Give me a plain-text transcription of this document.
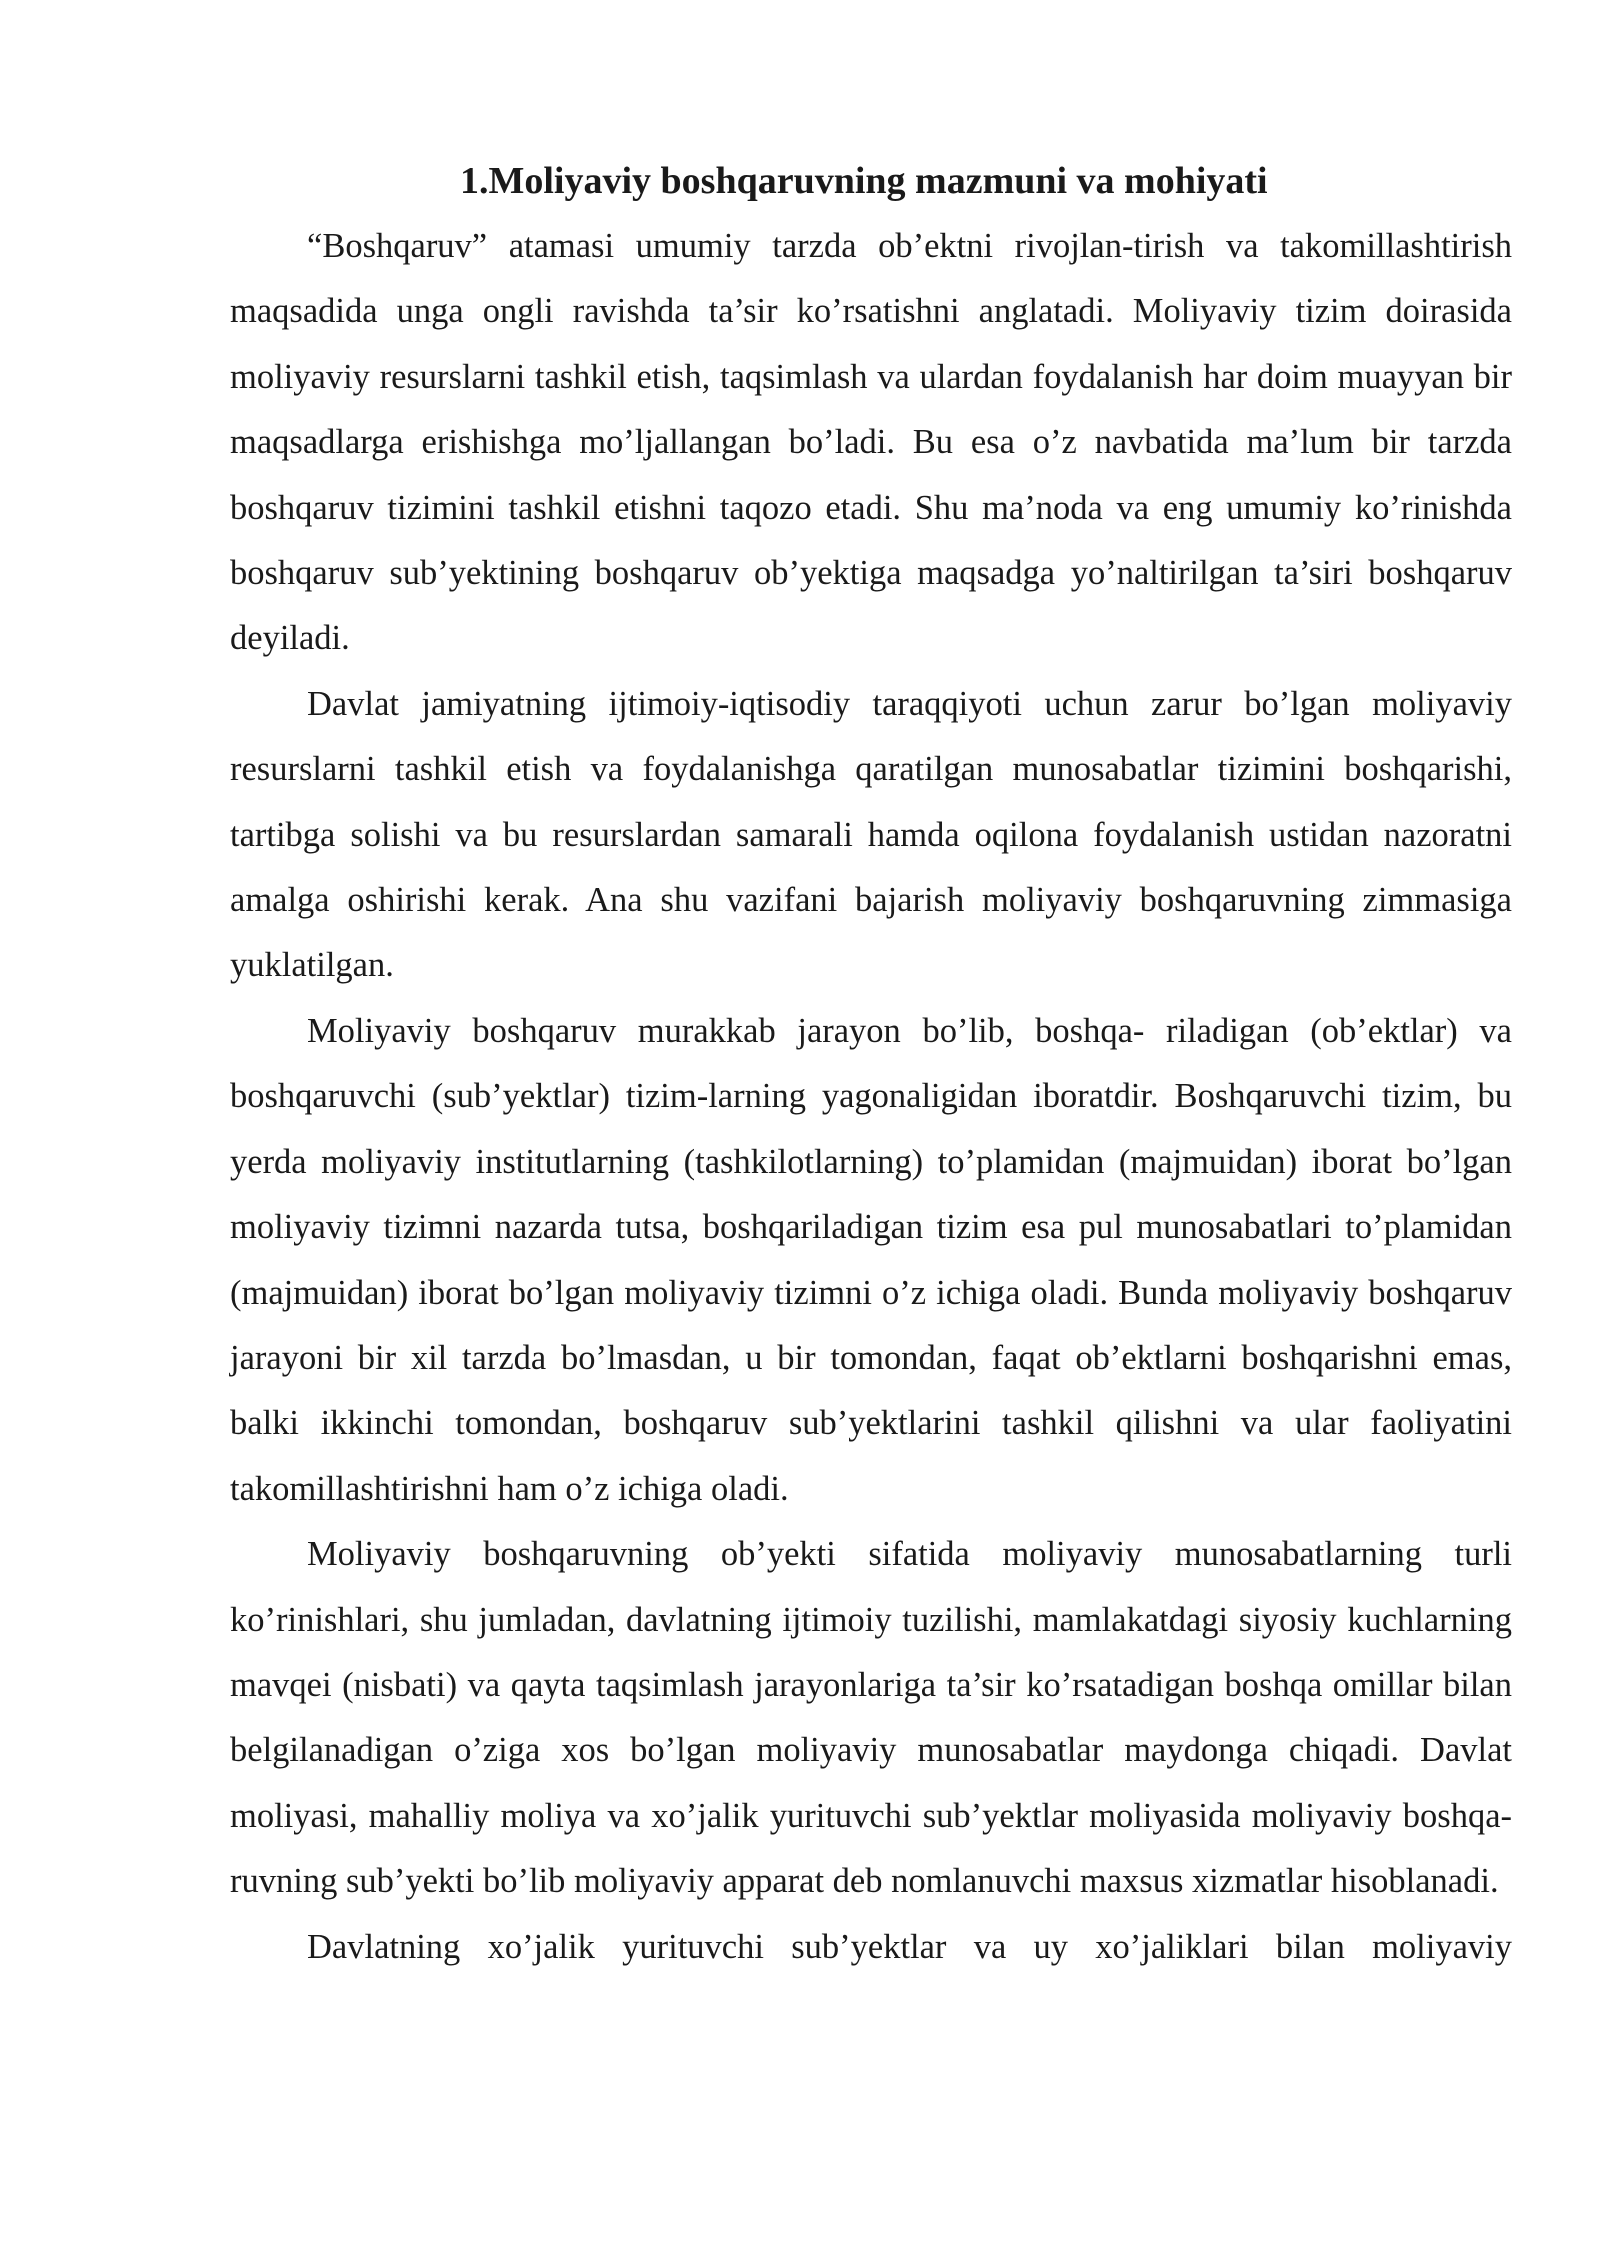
1.Moliyaviy boshqaruvning mazmuni va mohiyati

“Boshqaruv” atamasi umumiy tarzda ob’ektni rivojlan-tirish va takomillashtirish maqsadida unga ongli ravishda ta’sir ko’rsatishni anglatadi. Moliyaviy tizim doirasida moliyaviy resurslarni tashkil etish, taqsimlash va ulardan foydalanish har doim muayyan bir maqsadlarga erishishga mo’ljallangan bo’ladi. Bu esa o’z navbatida ma’lum bir tarzda boshqaruv tizimini tashkil etishni taqozo etadi. Shu ma’noda va eng umumiy ko’rinishda boshqaruv sub’yektining boshqaruv ob’yektiga maqsadga yo’naltirilgan ta’siri boshqaruv deyiladi.

Davlat jamiyatning ijtimoiy-iqtisodiy taraqqiyoti uchun zarur bo’lgan moliyaviy resurslarni tashkil etish va foydalanishga qaratilgan munosabatlar tizimini boshqarishi, tartibga solishi va bu resurslardan samarali hamda oqilona foydalanish ustidan nazoratni amalga oshirishi kerak. Ana shu vazifani bajarish moliyaviy boshqaruvning zimmasiga yuklatilgan.

Moliyaviy boshqaruv murakkab jarayon bo’lib, boshqa- riladigan (ob’ektlar) va boshqaruvchi (sub’yektlar) tizim-larning yagonaligidan iboratdir. Boshqaruvchi tizim, bu yerda moliyaviy institutlarning (tashkilotlarning) to’plamidan (majmuidan) iborat bo’lgan moliyaviy tizimni nazarda tutsa, boshqariladigan tizim esa pul munosabatlari to’plamidan (majmuidan) iborat bo’lgan moliyaviy tizimni o’z ichiga oladi. Bunda moliyaviy boshqaruv jarayoni bir xil tarzda bo’lmasdan, u bir tomondan, faqat ob’ektlarni boshqarishni emas, balki ikkinchi tomondan, boshqaruv sub’yektlarini tashkil qilishni va ular faoliyatini takomillashtirishni ham o’z ichiga oladi.

Moliyaviy boshqaruvning ob’yekti sifatida moliyaviy munosabatlarning turli ko’rinishlari, shu jumladan, davlatning ijtimoiy tuzilishi, mamlakatdagi siyosiy kuchlarning mavqei (nisbati) va qayta taqsimlash jarayonlariga ta’sir ko’rsatadigan boshqa omillar bilan belgilanadigan o’ziga xos bo’lgan moliyaviy munosabatlar maydonga chiqadi. Davlat moliyasi, mahalliy moliya va xo’jalik yurituvchi sub’yektlar moliyasida moliyaviy boshqa-ruvning sub’yekti bo’lib moliyaviy apparat deb nomlanuvchi maxsus xizmatlar hisoblanadi.

Davlatning xo’jalik yurituvchi sub’yektlar va uy xo’jaliklari bilan moliyaviy
